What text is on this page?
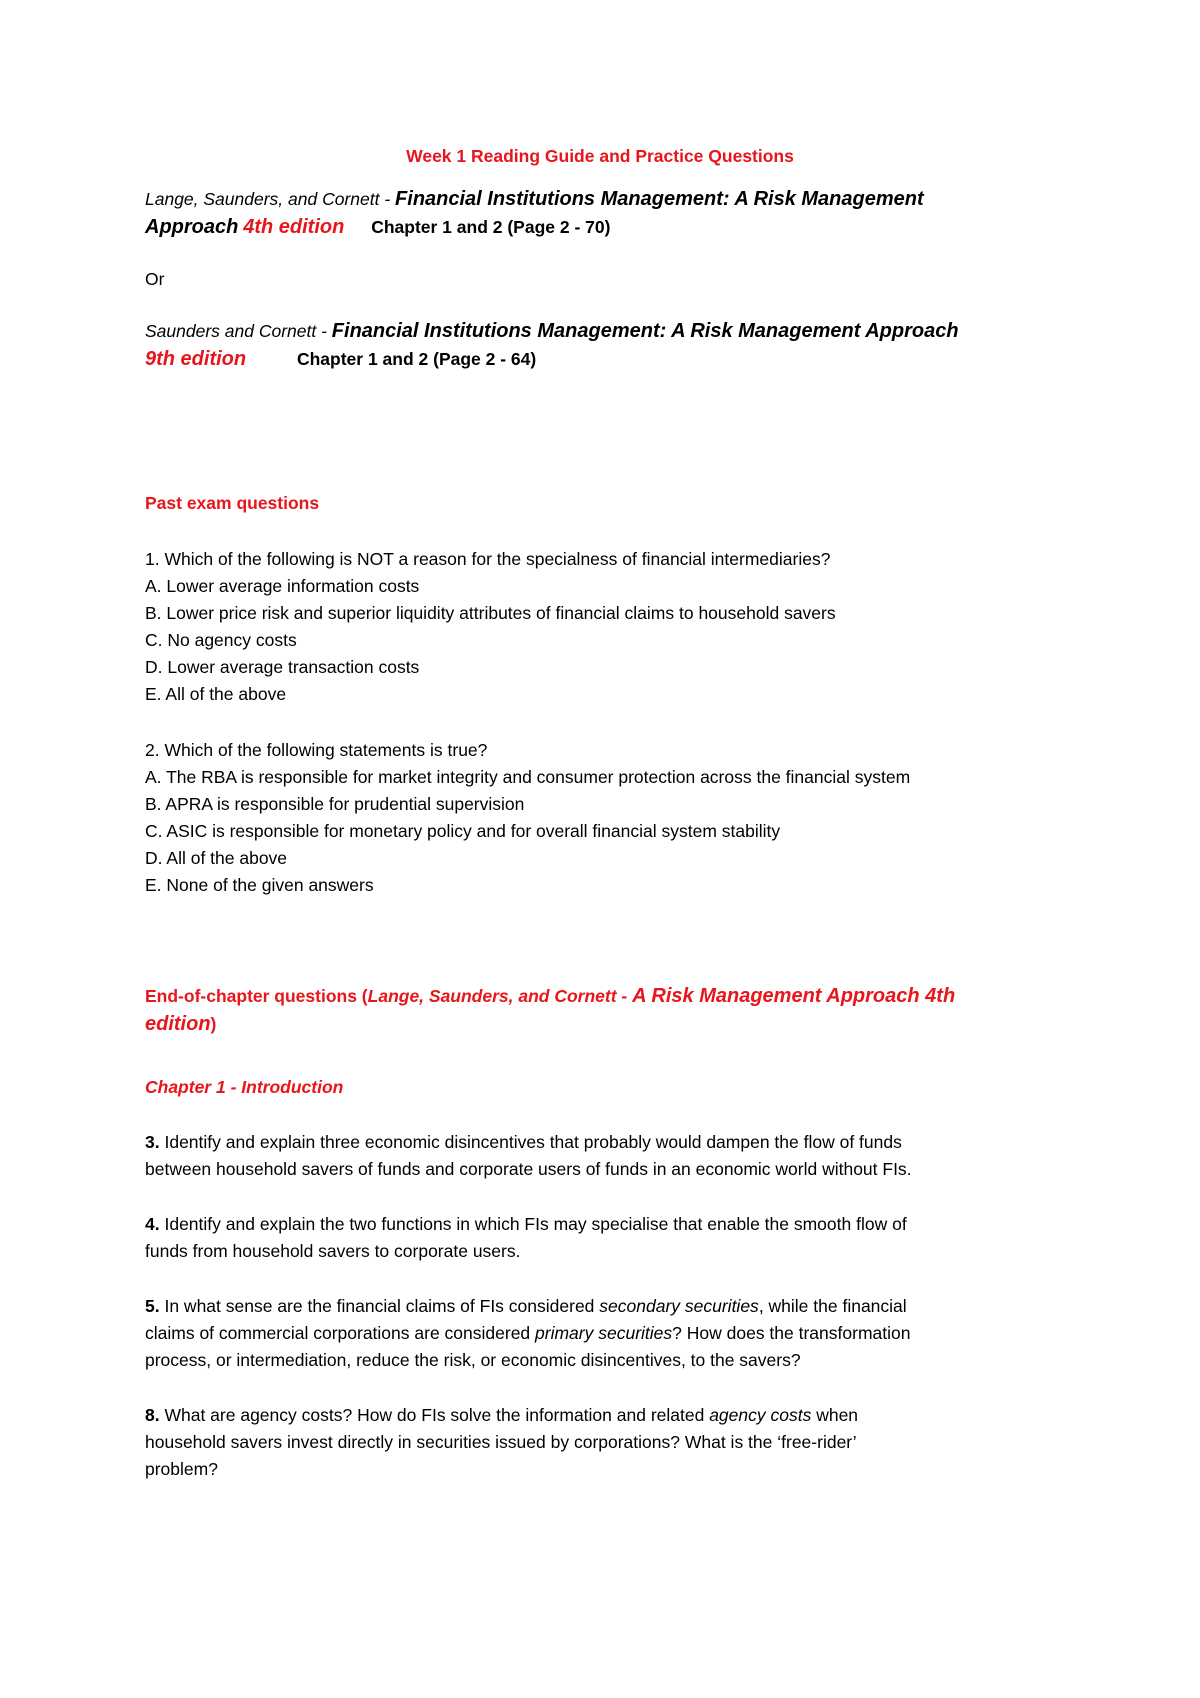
Week 1 Reading Guide and Practice Questions

Lange, Saunders, and Cornett - Financial Institutions Management: A Risk Management

Approach 4th edition Chapter 1 and 2 (Page 2 - 70)

Or

Saunders and Cornett - Financial Institutions Management: A Risk Management Approach

9th edition	Chapter 1 and 2 (Page 2 - 64)

Past exam questions

1. Which of the following is NOT a reason for the specialness of financial intermediaries?

A. Lower average information costs

B. Lower price risk and superior liquidity attributes of financial claims to household savers

C. No agency costs

D. Lower average transaction costs

E. All of the above

2. Which of the following statements is true?

A. The RBA is responsible for market integrity and consumer protection across the financial system

B. APRA is responsible for prudential supervision

C. ASIC is responsible for monetary policy and for overall financial system stability

D. All of the above

E. None of the given answers

End-of-chapter questions (Lange, Saunders, and Cornett - A Risk Management Approach 4th

edition)

Chapter 1 - Introduction

3. Identify and explain three economic disincentives that probably would dampen the flow of funds

between household savers of funds and corporate users of funds in an economic world without FIs.

4. Identify and explain the two functions in which FIs may specialise that enable the smooth flow of

funds from household savers to corporate users.

5. In what sense are the financial claims of FIs considered secondary securities, while the financial

claims of commercial corporations are considered primary securities? How does the transformation

process, or intermediation, reduce the risk, or economic disincentives, to the savers?

8. What are agency costs? How do FIs solve the information and related agency costs when

household savers invest directly in securities issued by corporations? What is the ‘free-rider’

problem?
